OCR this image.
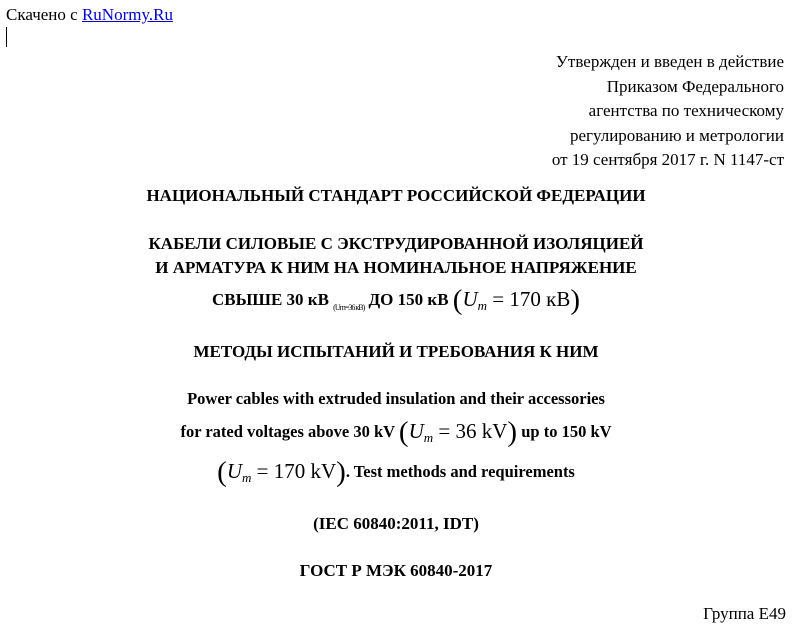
Скачено с RuNormy.Ru
Утвержден и введен в действие
Приказом Федерального
агентства по техническому
регулированию и метрологии
от 19 сентября 2017 г. N 1147-ст
НАЦИОНАЛЬНЫЙ СТАНДАРТ РОССИЙСКОЙ ФЕДЕРАЦИИ
КАБЕЛИ СИЛОВЫЕ С ЭКСТРУДИРОВАННОЙ ИЗОЛЯЦИЕЙ
И АРМАТУРА К НИМ НА НОМИНАЛЬНОЕ НАПРЯЖЕНИЕ
СВЫШЕ 30 кВ $_{(Um=36 кВ)}$ ДО 150 кВ ($U_m = 170$ кВ)
МЕТОДЫ ИСПЫТАНИЙ И ТРЕБОВАНИЯ К НИМ
Power cables with extruded insulation and their accessories
for rated voltages above 30 kV ($U_m = 36$ kV) up to 150 kV
($U_m = 170$ kV). Test methods and requirements
(IEC 60840:2011, IDT)
ГОСТ Р МЭК 60840-2017
Группа Е49
